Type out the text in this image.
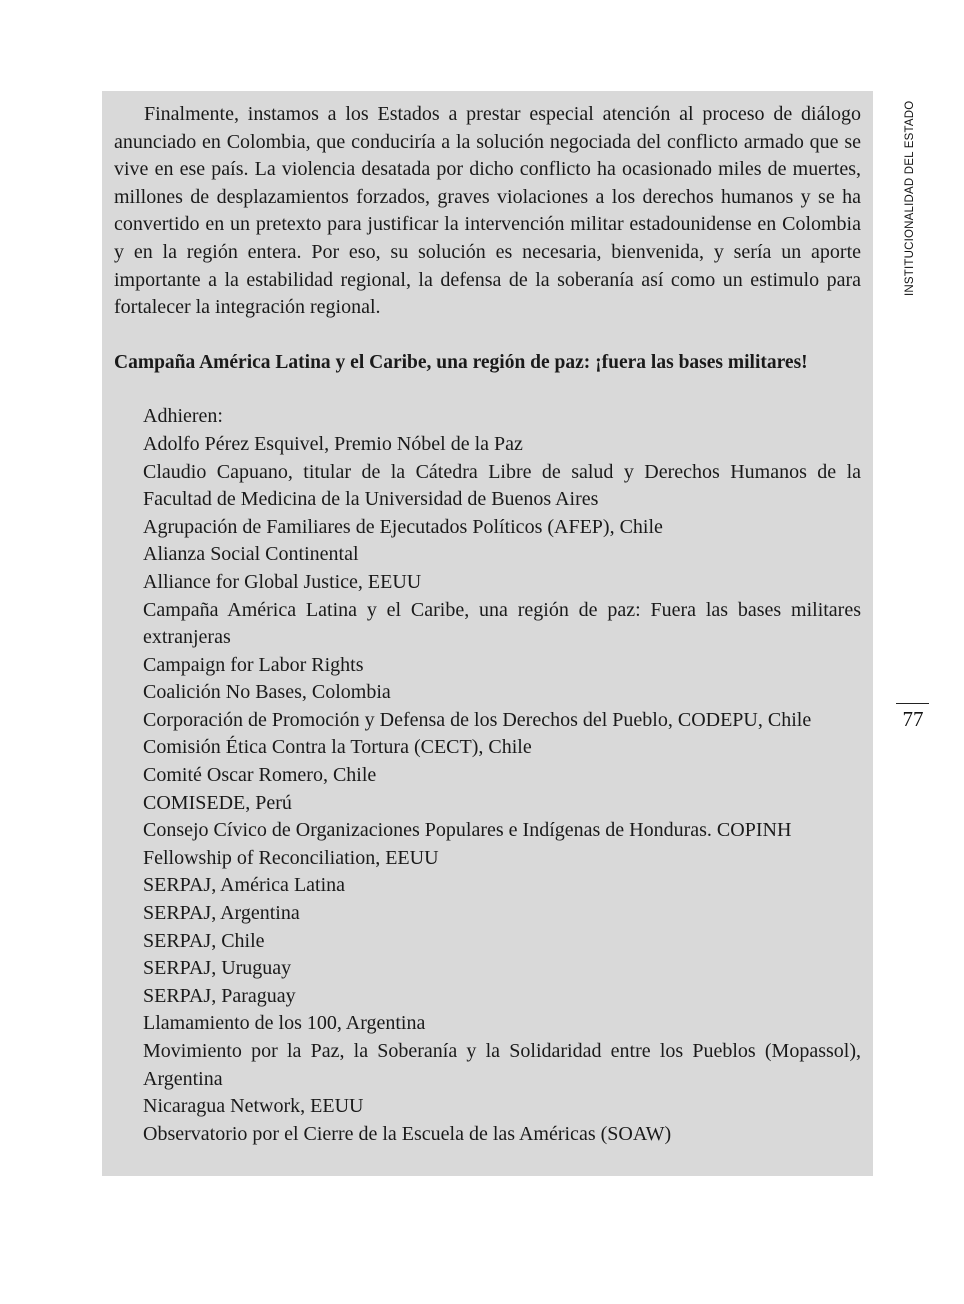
Finalmente, instamos a los Estados a prestar especial atención al proceso de diálogo anunciado en Colombia, que conduciría a la solución negociada del conflicto armado que se vive en ese país. La violencia desatada por dicho conflicto ha ocasionado miles de muertes, millones de desplazamientos forzados, graves violaciones a los derechos humanos y se ha convertido en un pretexto para justificar la intervención militar estadounidense en Colombia y en la región entera. Por eso, su solución es necesaria, bienvenida, y sería un aporte importante a la estabilidad regional, la defensa de la soberanía así como un estimulo para fortalecer la integración regional.

Campaña América Latina y el Caribe, una región de paz: ¡fuera las bases militares!

Adhieren:

Adolfo Pérez Esquivel, Premio Nóbel de la Paz
Claudio Capuano, titular de la Cátedra Libre de salud y Derechos Humanos de la Facultad de Medicina de la Universidad de Buenos Aires
Agrupación de Familiares de Ejecutados Políticos (AFEP), Chile
Alianza Social Continental
Alliance for Global Justice, EEUU
Campaña América Latina y el Caribe, una región de paz: Fuera las bases militares extranjeras
Campaign for Labor Rights
Coalición No Bases, Colombia
Corporación de Promoción y Defensa de los Derechos del Pueblo, CODEPU, Chile
Comisión Ética Contra la Tortura (CECT), Chile
Comité Oscar Romero, Chile
COMISEDE, Perú
Consejo Cívico de Organizaciones Populares e Indígenas de Honduras. COPINH
Fellowship of Reconciliation, EEUU
SERPAJ, América Latina
SERPAJ, Argentina
SERPAJ, Chile
SERPAJ, Uruguay
SERPAJ, Paraguay
Llamamiento de los 100, Argentina
Movimiento por la Paz, la Soberanía y la Solidaridad entre los Pueblos (Mopassol), Argentina
Nicaragua Network, EEUU
Observatorio por el Cierre de la Escuela de las Américas (SOAW)
INSTITUCIONALIDAD DEL ESTADO
77
